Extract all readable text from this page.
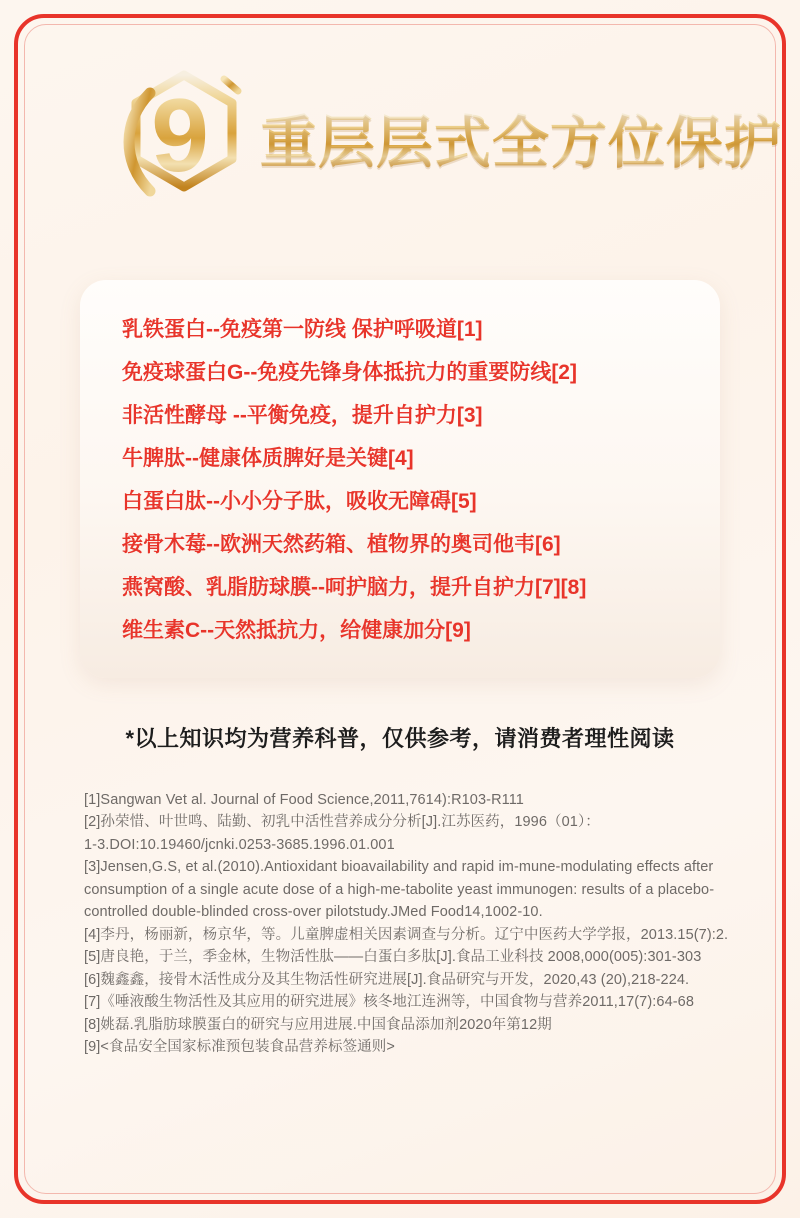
9 重层层式全方位保护
乳铁蛋白--免疫第一防线 保护呼吸道[1]
免疫球蛋白G--免疫先锋身体抵抗力的重要防线[2]
非活性酵母 --平衡免疫，提升自护力[3]
牛脾肽--健康体质脾好是关键[4]
白蛋白肽--小小分子肽，吸收无障碍[5]
接骨木莓--欧洲天然药箱、植物界的奥司他韦[6]
燕窝酸、乳脂肪球膜--呵护脑力，提升自护力[7][8]
维生素C--天然抵抗力，给健康加分[9]
*以上知识均为营养科普，仅供参考，请消费者理性阅读
[1]Sangwan Vet al. Journal of Food Science,2011,7614):R103-R111
[2]孙荣惜、叶世鸣、陆勤、初乳中活性营养成分分析[J].江苏医药，1996（01）：
1-3.DOI:10.19460/jcnki.0253-3685.1996.01.001
[3]Jensen,G.S, et al.(2010).Antioxidant bioavailability and rapid im-mune-modulating effects after consumption of a single acute dose of a high-me-tabolite yeast immunogen: results of a placebo-controlled double-blinded cross-over pilotstudy.JMed Food14,1002-10.
[4]李丹，杨丽新，杨京华，等。儿童脾虚相关因素调查与分析。辽宁中医药大学学报，2013.15(7):2.
[5]唐良艳，于兰，季金林，生物活性肽——白蛋白多肽[J].食品工业科技 2008,000(005):301-303
[6]魏鑫鑫，接骨木活性成分及其生物活性研究进展[J].食品研究与开发，2020,43 (20),218-224.
[7]《唾液酸生物活性及其应用的研究进展》核冬地江连洲等，中国食物与营养2011,17(7):64-68
[8]姚磊.乳脂肪球膜蛋白的研究与应用进展.中国食品添加剂2020年第12期
[9]<食品安全国家标准预包装食品营养标签通则>
